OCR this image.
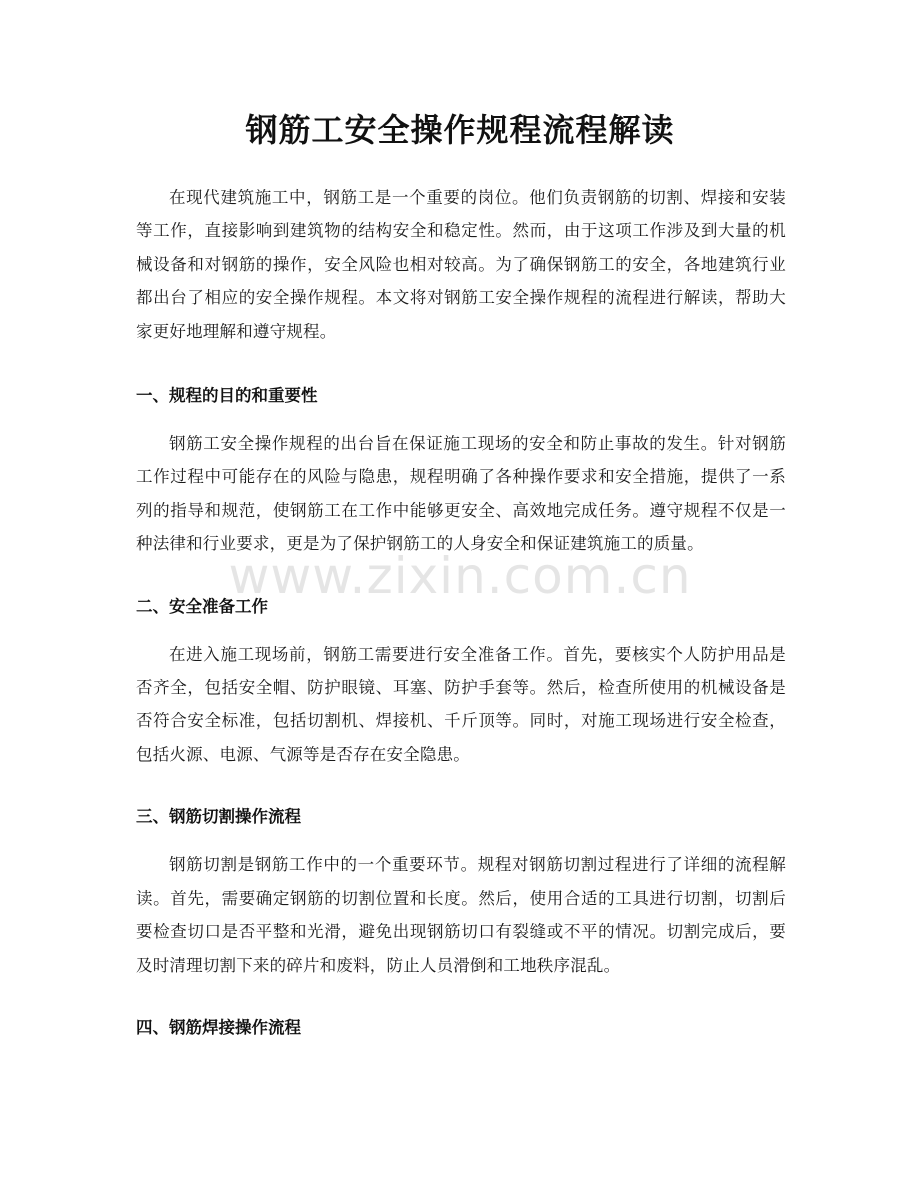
钢筋工安全操作规程流程解读

在现代建筑施工中，钢筋工是一个重要的岗位。他们负责钢筋的切割、焊接和安装等工作，直接影响到建筑物的结构安全和稳定性。然而，由于这项工作涉及到大量的机械设备和对钢筋的操作，安全风险也相对较高。为了确保钢筋工的安全，各地建筑行业都出台了相应的安全操作规程。本文将对钢筋工安全操作规程的流程进行解读，帮助大家更好地理解和遵守规程。

一、规程的目的和重要性

钢筋工安全操作规程的出台旨在保证施工现场的安全和防止事故的发生。针对钢筋工作过程中可能存在的风险与隐患，规程明确了各种操作要求和安全措施，提供了一系列的指导和规范，使钢筋工在工作中能够更安全、高效地完成任务。遵守规程不仅是一种法律和行业要求，更是为了保护钢筋工的人身安全和保证建筑施工的质量。

二、安全准备工作

在进入施工现场前，钢筋工需要进行安全准备工作。首先，要核实个人防护用品是否齐全，包括安全帽、防护眼镜、耳塞、防护手套等。然后，检查所使用的机械设备是否符合安全标准，包括切割机、焊接机、千斤顶等。同时，对施工现场进行安全检查，包括火源、电源、气源等是否存在安全隐患。

三、钢筋切割操作流程

钢筋切割是钢筋工作中的一个重要环节。规程对钢筋切割过程进行了详细的流程解读。首先，需要确定钢筋的切割位置和长度。然后，使用合适的工具进行切割，切割后要检查切口是否平整和光滑，避免出现钢筋切口有裂缝或不平的情况。切割完成后，要及时清理切割下来的碎片和废料，防止人员滑倒和工地秩序混乱。

四、钢筋焊接操作流程
www.zixin.com.cn
